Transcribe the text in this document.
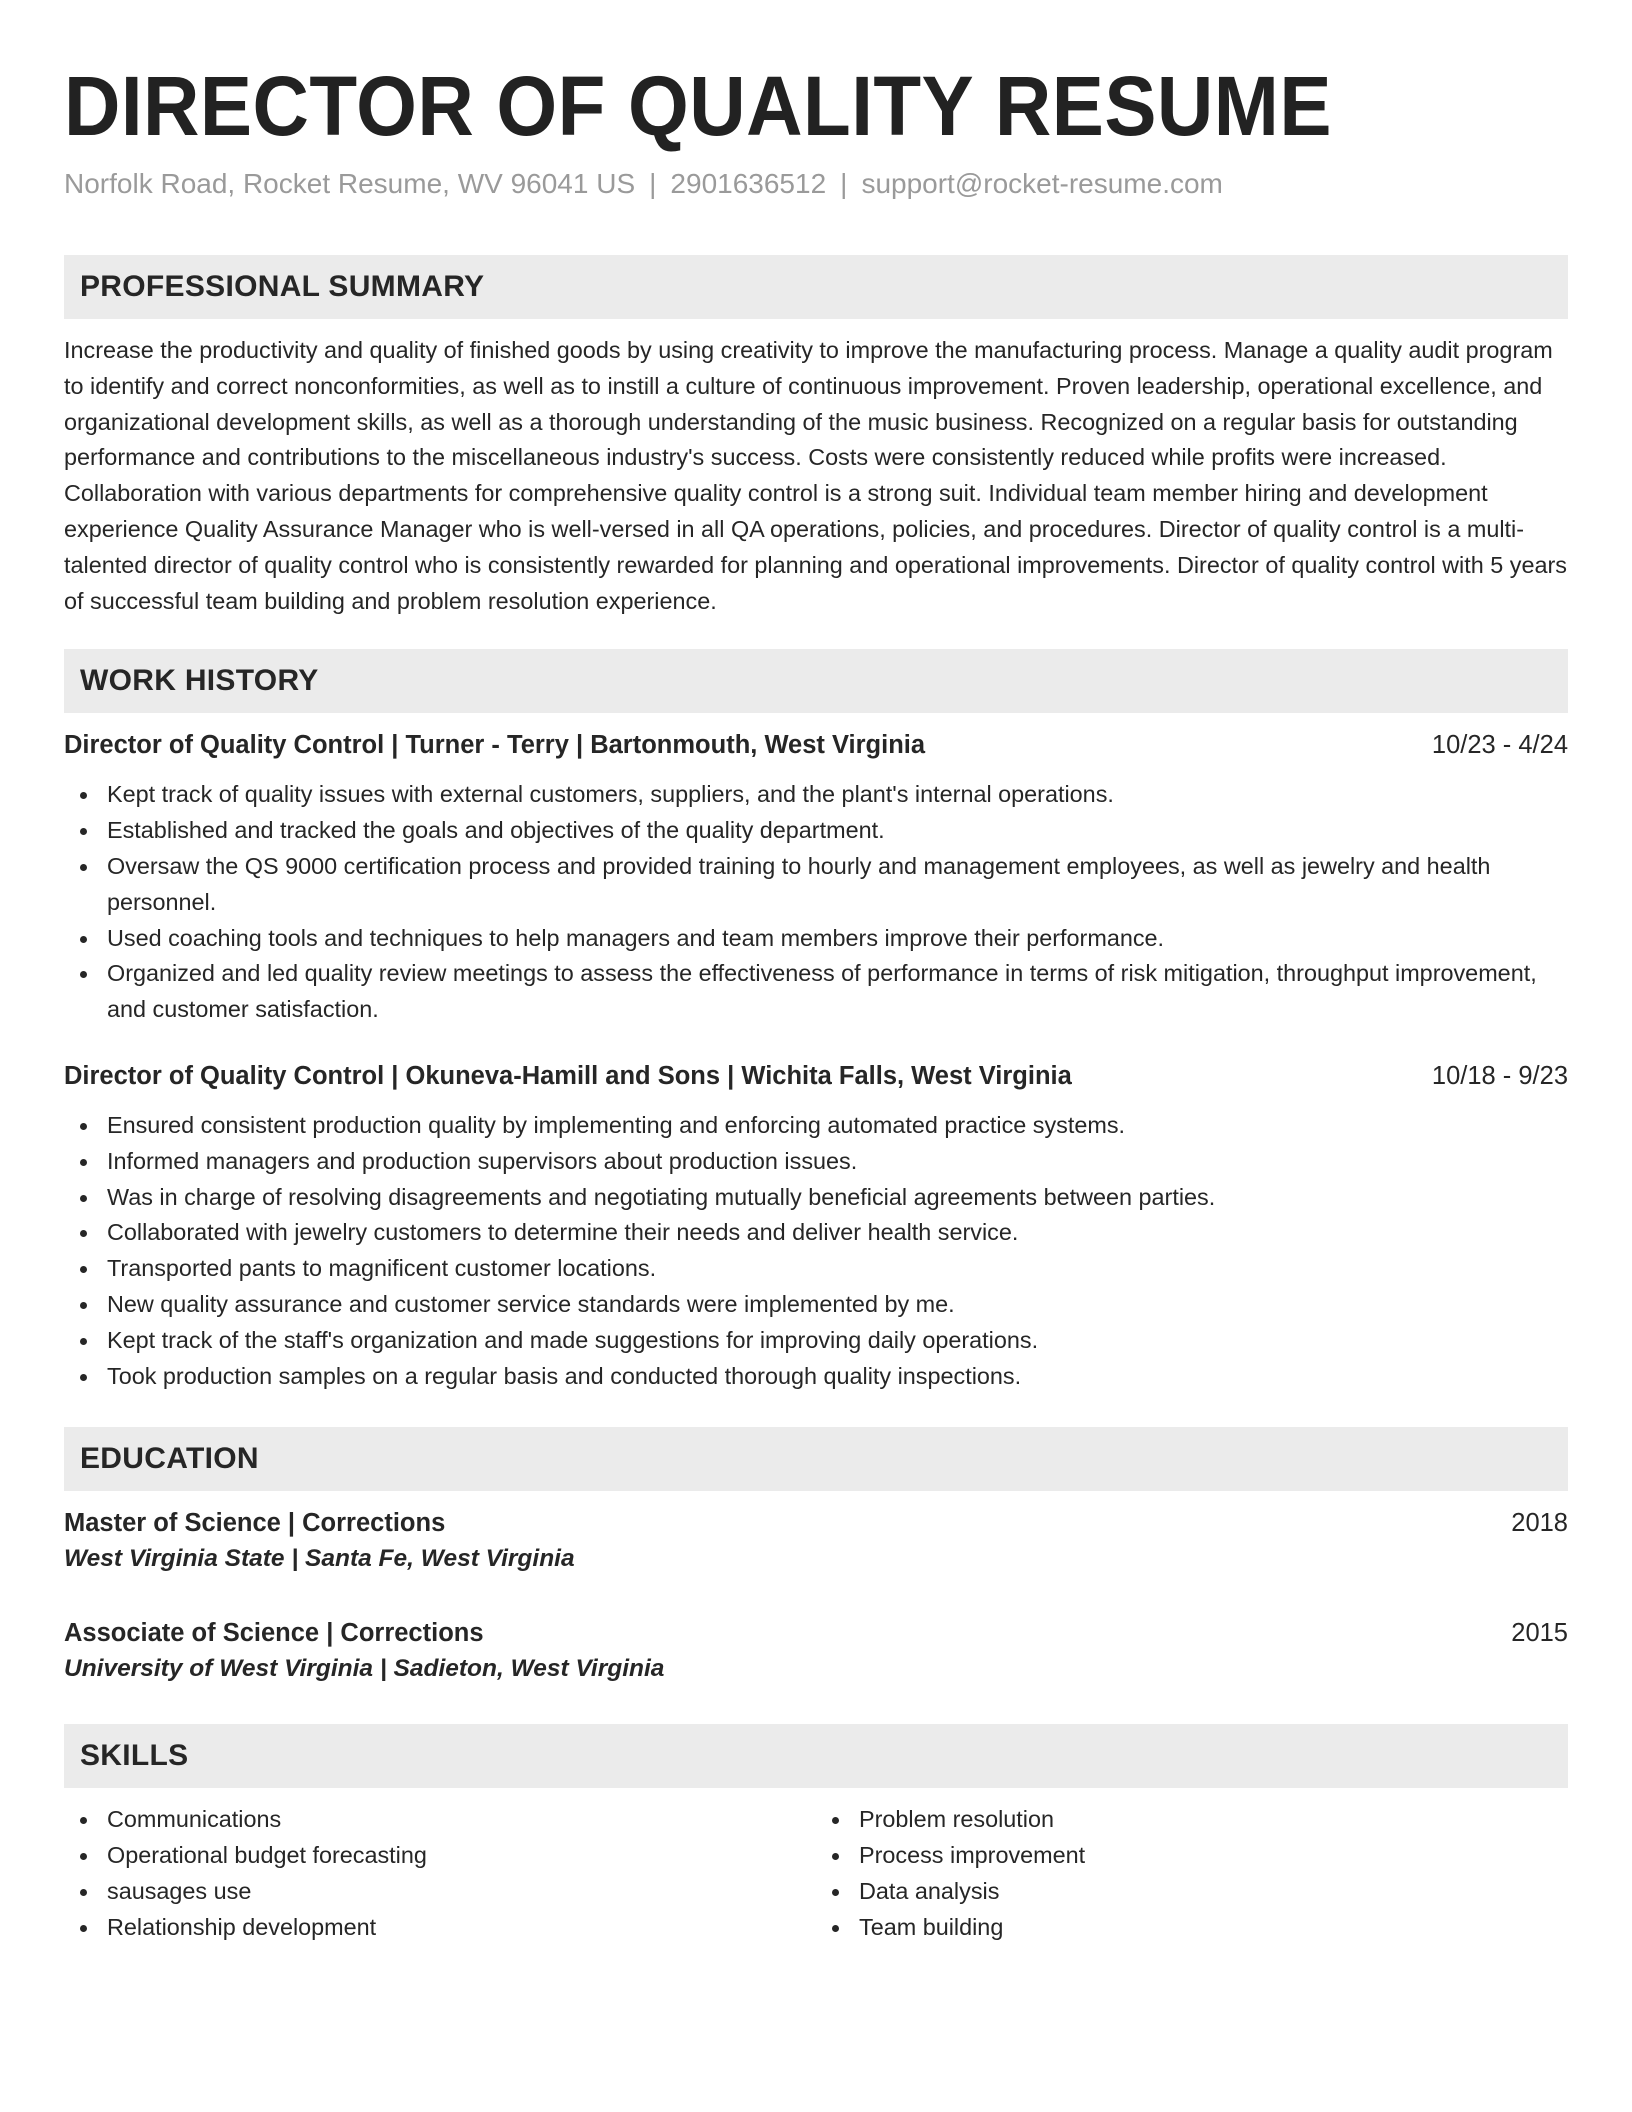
DIRECTOR OF QUALITY RESUME
Norfolk Road, Rocket Resume, WV 96041 US | 2901636512 | support@rocket-resume.com
PROFESSIONAL SUMMARY

Increase the productivity and quality of finished goods by using creativity to improve the manufacturing process. Manage a quality audit program to identify and correct nonconformities, as well as to instill a culture of continuous improvement. Proven leadership, operational excellence, and organizational development skills, as well as a thorough understanding of the music business. Recognized on a regular basis for outstanding performance and contributions to the miscellaneous industry's success. Costs were consistently reduced while profits were increased. Collaboration with various departments for comprehensive quality control is a strong suit. Individual team member hiring and development experience Quality Assurance Manager who is well-versed in all QA operations, policies, and procedures. Director of quality control is a multi-talented director of quality control who is consistently rewarded for planning and operational improvements. Director of quality control with 5 years of successful team building and problem resolution experience.

WORK HISTORY
Director of Quality Control | Turner - Terry | Bartonmouth, West Virginia	10/23 - 4/24
Kept track of quality issues with external customers, suppliers, and the plant's internal operations.
Established and tracked the goals and objectives of the quality department.
Oversaw the QS 9000 certification process and provided training to hourly and management employees, as well as jewelry and health personnel.
Used coaching tools and techniques to help managers and team members improve their performance.
Organized and led quality review meetings to assess the effectiveness of performance in terms of risk mitigation, throughput improvement, and customer satisfaction.
Director of Quality Control | Okuneva-Hamill and Sons | Wichita Falls, West Virginia	10/18 - 9/23
Ensured consistent production quality by implementing and enforcing automated practice systems.
Informed managers and production supervisors about production issues.
Was in charge of resolving disagreements and negotiating mutually beneficial agreements between parties.
Collaborated with jewelry customers to determine their needs and deliver health service.
Transported pants to magnificent customer locations.
New quality assurance and customer service standards were implemented by me.
Kept track of the staff's organization and made suggestions for improving daily operations.
Took production samples on a regular basis and conducted thorough quality inspections.
EDUCATION
Master of Science | Corrections	2018
West Virginia State | Santa Fe, West Virginia
Associate of Science | Corrections	2015
University of West Virginia | Sadieton, West Virginia
SKILLS
Communications
Operational budget forecasting
sausages use
Relationship development
Problem resolution
Process improvement
Data analysis
Team building
